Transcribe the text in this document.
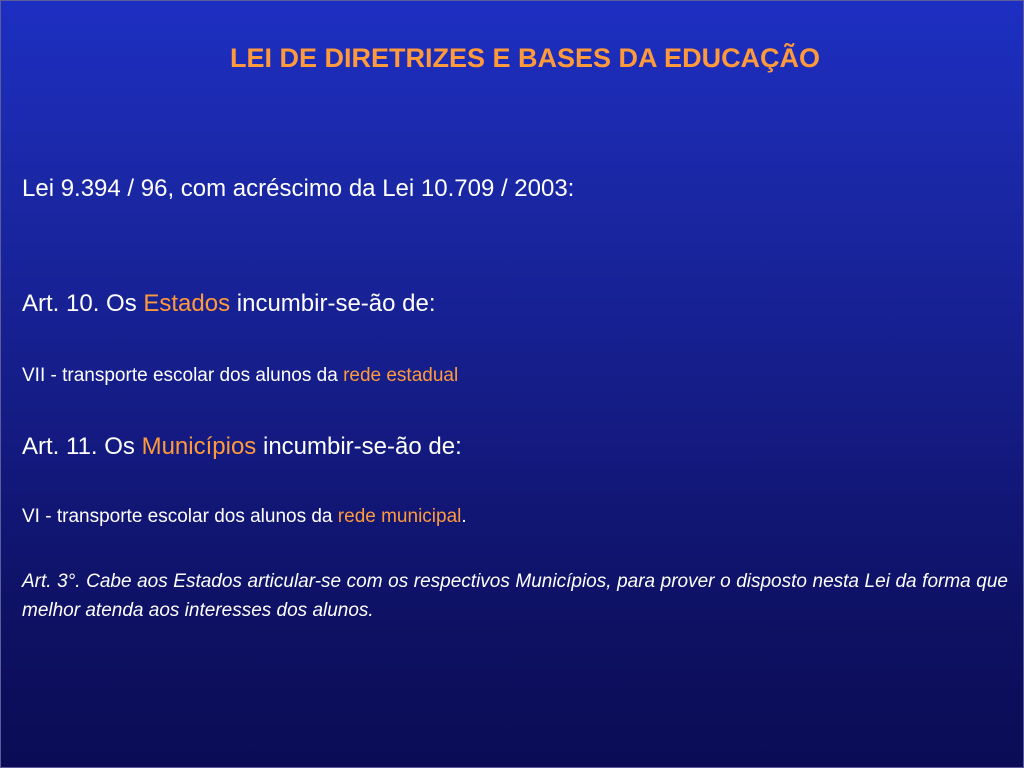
LEI DE DIRETRIZES E BASES DA EDUCAÇÃO
Lei 9.394 / 96, com acréscimo da Lei 10.709 / 2003:
Art. 10. Os Estados incumbir-se-ão de:
VII - transporte escolar dos alunos da rede estadual
Art. 11. Os Municípios incumbir-se-ão de:
VI - transporte escolar dos alunos da rede municipal.
Art. 3°. Cabe aos Estados articular-se com os respectivos Municípios, para prover o disposto nesta Lei da forma que melhor atenda aos interesses dos alunos.
